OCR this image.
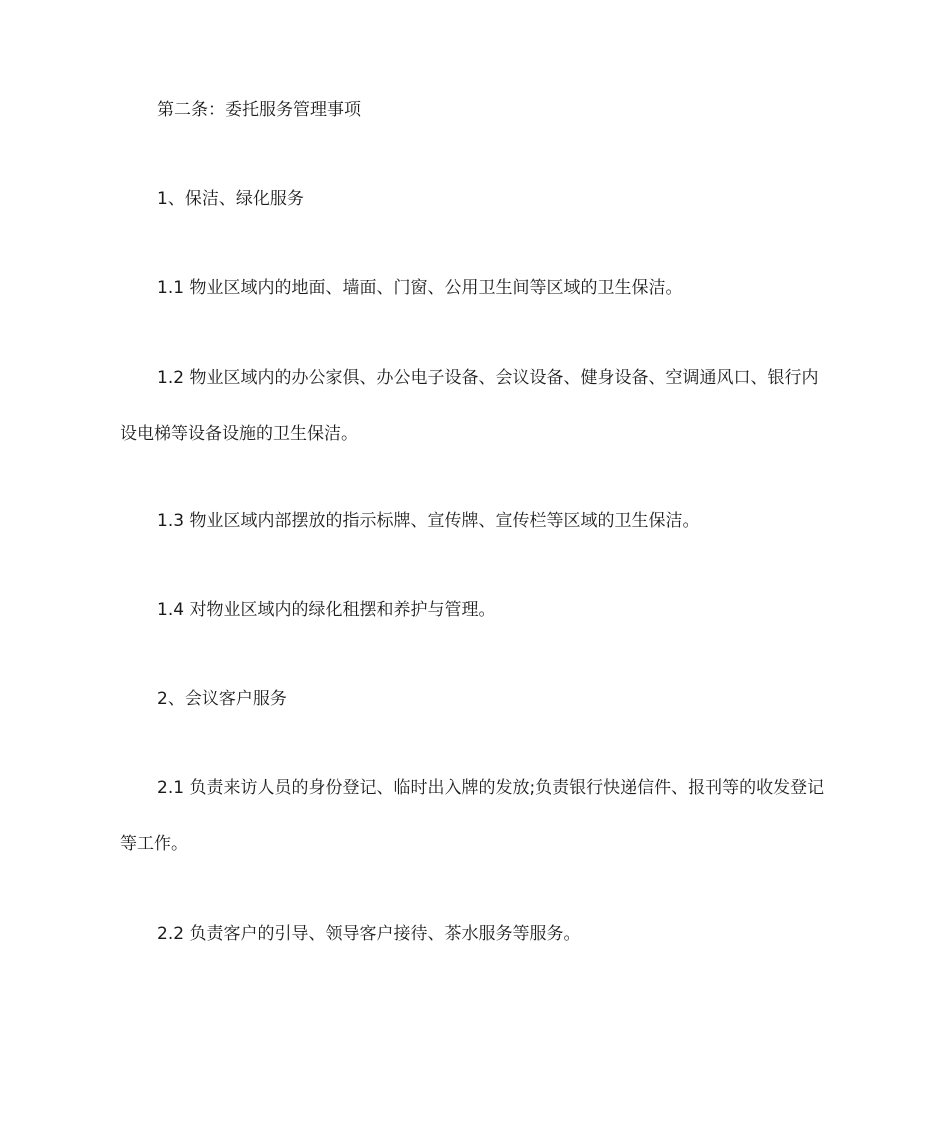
第二条：委托服务管理事项

1、保洁、绿化服务

1.1 物业区域内的地面、墙面、门窗、公用卫生间等区域的卫生保洁。

1.2 物业区域内的办公家俱、办公电子设备、会议设备、健身设备、空调通风口、银行内设电梯等设备设施的卫生保洁。

1.3 物业区域内部摆放的指示标牌、宣传牌、宣传栏等区域的卫生保洁。

1.4 对物业区域内的绿化租摆和养护与管理。

2、会议客户服务

2.1 负责来访人员的身份登记、临时出入牌的发放;负责银行快递信件、报刊等的收发登记等工作。

2.2 负责客户的引导、领导客户接待、茶水服务等服务。
